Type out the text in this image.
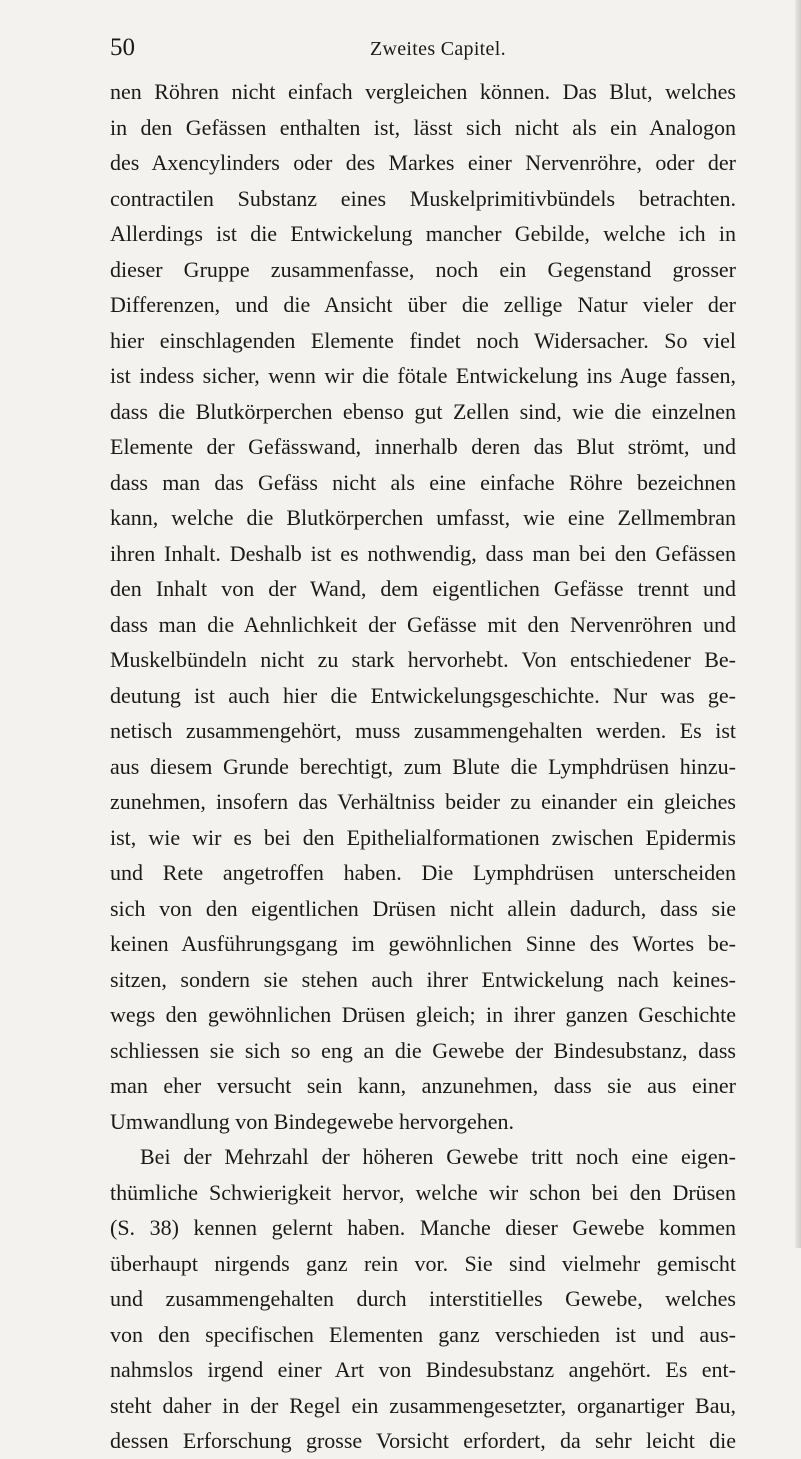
50	Zweites Capitel.
nen Röhren nicht einfach vergleichen können. Das Blut, welches
in den Gefässen enthalten ist, lässt sich nicht als ein Analogon
des Axencylinders oder des Markes einer Nervenröhre, oder der
contractilen Substanz eines Muskelprimitivbündels betrachten.
Allerdings ist die Entwickelung mancher Gebilde, welche ich in
dieser Gruppe zusammenfasse, noch ein Gegenstand grosser
Differenzen, und die Ansicht über die zellige Natur vieler der
hier einschlagenden Elemente findet noch Widersacher. So viel
ist indess sicher, wenn wir die fötale Entwickelung ins Auge fassen,
dass die Blutkörperchen ebenso gut Zellen sind, wie die einzelnen
Elemente der Gefässwand, innerhalb deren das Blut strömt, und
dass man das Gefäss nicht als eine einfache Röhre bezeichnen
kann, welche die Blutkörperchen umfasst, wie eine Zellmembran
ihren Inhalt. Deshalb ist es nothwendig, dass man bei den Gefässen
den Inhalt von der Wand, dem eigentlichen Gefässe trennt und
dass man die Aehnlichkeit der Gefässe mit den Nervenröhren und
Muskelbündeln nicht zu stark hervorhebt. Von entschiedener Be-
deutung ist auch hier die Entwickelungsgeschichte. Nur was ge-
netisch zusammengehört, muss zusammengehalten werden. Es ist
aus diesem Grunde berechtigt, zum Blute die Lymphdrüsen hinzu-
zunehmen, insofern das Verhältniss beider zu einander ein gleiches
ist, wie wir es bei den Epithelialformationen zwischen Epidermis
und Rete angetroffen haben. Die Lymphdrüsen unterscheiden
sich von den eigentlichen Drüsen nicht allein dadurch, dass sie
keinen Ausführungsgang im gewöhnlichen Sinne des Wortes be-
sitzen, sondern sie stehen auch ihrer Entwickelung nach keines-
wegs den gewöhnlichen Drüsen gleich; in ihrer ganzen Geschichte
schliessen sie sich so eng an die Gewebe der Bindesubstanz, dass
man eher versucht sein kann, anzunehmen, dass sie aus einer
Umwandlung von Bindegewebe hervorgehen.
Bei der Mehrzahl der höheren Gewebe tritt noch eine eigen-
thümliche Schwierigkeit hervor, welche wir schon bei den Drüsen
(S. 38) kennen gelernt haben. Manche dieser Gewebe kommen
überhaupt nirgends ganz rein vor. Sie sind vielmehr gemischt
und zusammengehalten durch interstitielles Gewebe, welches
von den specifischen Elementen ganz verschieden ist und aus-
nahmslos irgend einer Art von Bindesubstanz angehört. Es ent-
steht daher in der Regel ein zusammengesetzter, organartiger Bau,
dessen Erforschung grosse Vorsicht erfordert, da sehr leicht die
